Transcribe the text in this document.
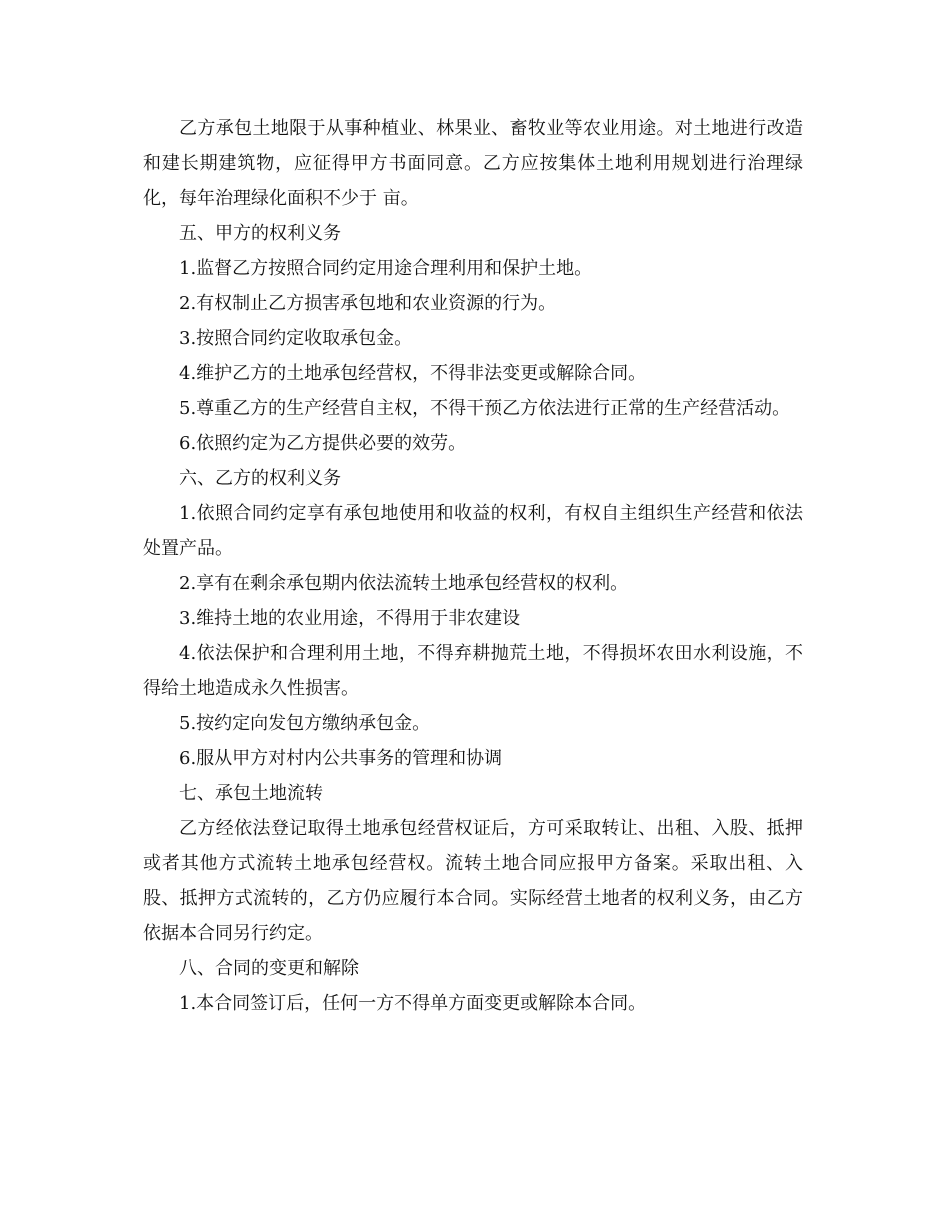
乙方承包土地限于从事种植业、林果业、畜牧业等农业用途。对土地进行改造和建长期建筑物，应征得甲方书面同意。乙方应按集体土地利用规划进行治理绿化，每年治理绿化面积不少于 亩。

五、甲方的权利义务

1.监督乙方按照合同约定用途合理利用和保护土地。

2.有权制止乙方损害承包地和农业资源的行为。

3.按照合同约定收取承包金。

4.维护乙方的土地承包经营权，不得非法变更或解除合同。

5.尊重乙方的生产经营自主权，不得干预乙方依法进行正常的生产经营活动。

6.依照约定为乙方提供必要的效劳。

六、乙方的权利义务

1.依照合同约定享有承包地使用和收益的权利，有权自主组织生产经营和依法处置产品。

2.享有在剩余承包期内依法流转土地承包经营权的权利。

3.维持土地的农业用途，不得用于非农建设

4.依法保护和合理利用土地，不得弃耕抛荒土地，不得损坏农田水利设施，不得给土地造成永久性损害。

5.按约定向发包方缴纳承包金。

6.服从甲方对村内公共事务的管理和协调

七、承包土地流转

乙方经依法登记取得土地承包经营权证后，方可采取转让、出租、入股、抵押或者其他方式流转土地承包经营权。流转土地合同应报甲方备案。采取出租、入股、抵押方式流转的，乙方仍应履行本合同。实际经营土地者的权利义务，由乙方依据本合同另行约定。

八、合同的变更和解除

1.本合同签订后，任何一方不得单方面变更或解除本合同。
